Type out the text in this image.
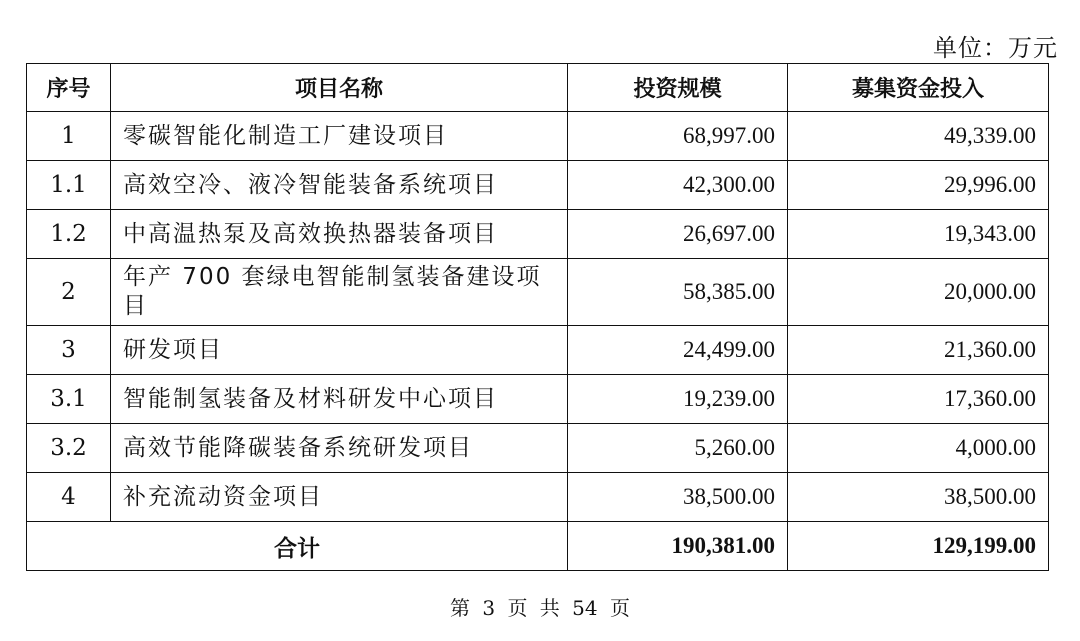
单位：万元
序号	项目名称	投资规模	募集资金投入
1	零碳智能化制造工厂建设项目	68,997.00	49,339.00
1.1	高效空冷、液冷智能装备系统项目	42,300.00	29,996.00
1.2	中高温热泵及高效换热器装备项目	26,697.00	19,343.00
2	年产 700 套绿电智能制氢装备建设项目	58,385.00	20,000.00
3	研发项目	24,499.00	21,360.00
3.1	智能制氢装备及材料研发中心项目	19,239.00	17,360.00
3.2	高效节能降碳装备系统研发项目	5,260.00	4,000.00
4	补充流动资金项目	38,500.00	38,500.00
合计		190,381.00	129,199.00
第 3 页 共 54 页
